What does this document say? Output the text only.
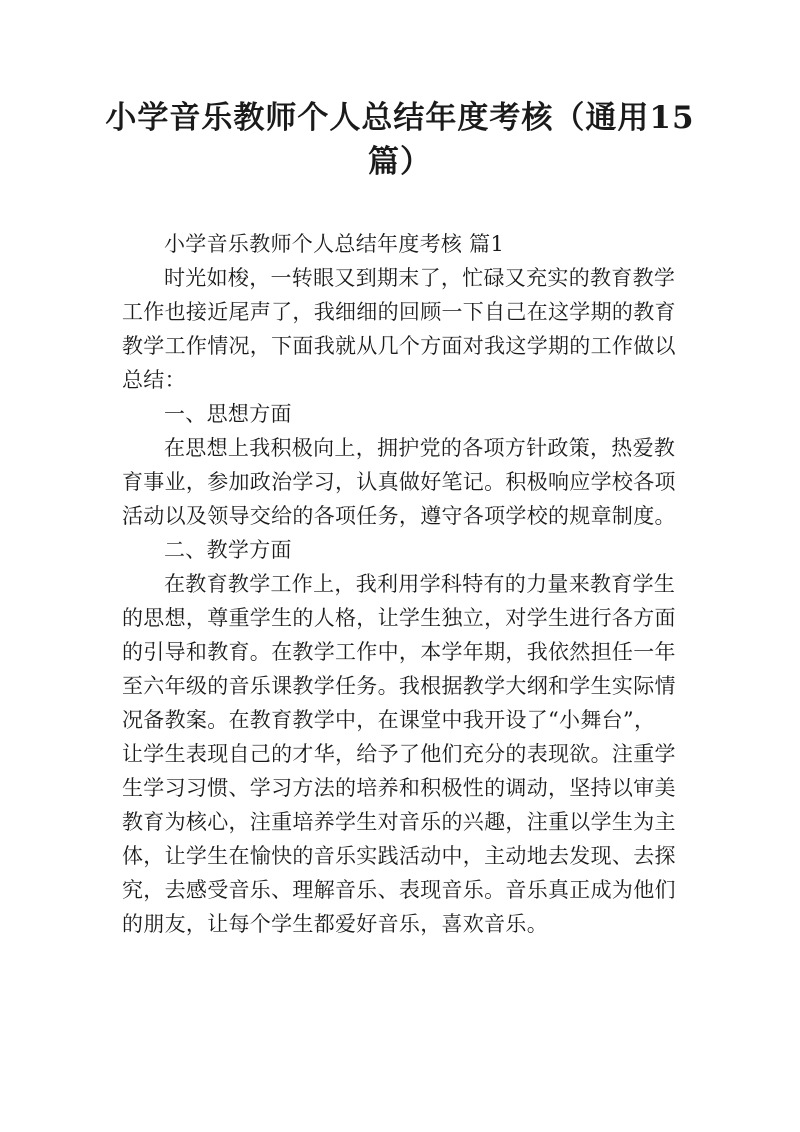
小学音乐教师个人总结年度考核（通用15
篇）
小学音乐教师个人总结年度考核 篇1
时光如梭，一转眼又到期末了，忙碌又充实的教育教学
工作也接近尾声了，我细细的回顾一下自己在这学期的教育
教学工作情况，下面我就从几个方面对我这学期的工作做以
总结：
一、思想方面
在思想上我积极向上，拥护党的各项方针政策，热爱教
育事业，参加政治学习，认真做好笔记。积极响应学校各项
活动以及领导交给的各项任务，遵守各项学校的规章制度。
二、教学方面
在教育教学工作上，我利用学科特有的力量来教育学生
的思想，尊重学生的人格，让学生独立，对学生进行各方面
的引导和教育。在教学工作中，本学年期，我依然担任一年
至六年级的音乐课教学任务。我根据教学大纲和学生实际情
况备教案。在教育教学中，在课堂中我开设了“小舞台”，
让学生表现自己的才华，给予了他们充分的表现欲。注重学
生学习习惯、学习方法的培养和积极性的调动，坚持以审美
教育为核心，注重培养学生对音乐的兴趣，注重以学生为主
体，让学生在愉快的音乐实践活动中，主动地去发现、去探
究，去感受音乐、理解音乐、表现音乐。音乐真正成为他们
的朋友，让每个学生都爱好音乐，喜欢音乐。
